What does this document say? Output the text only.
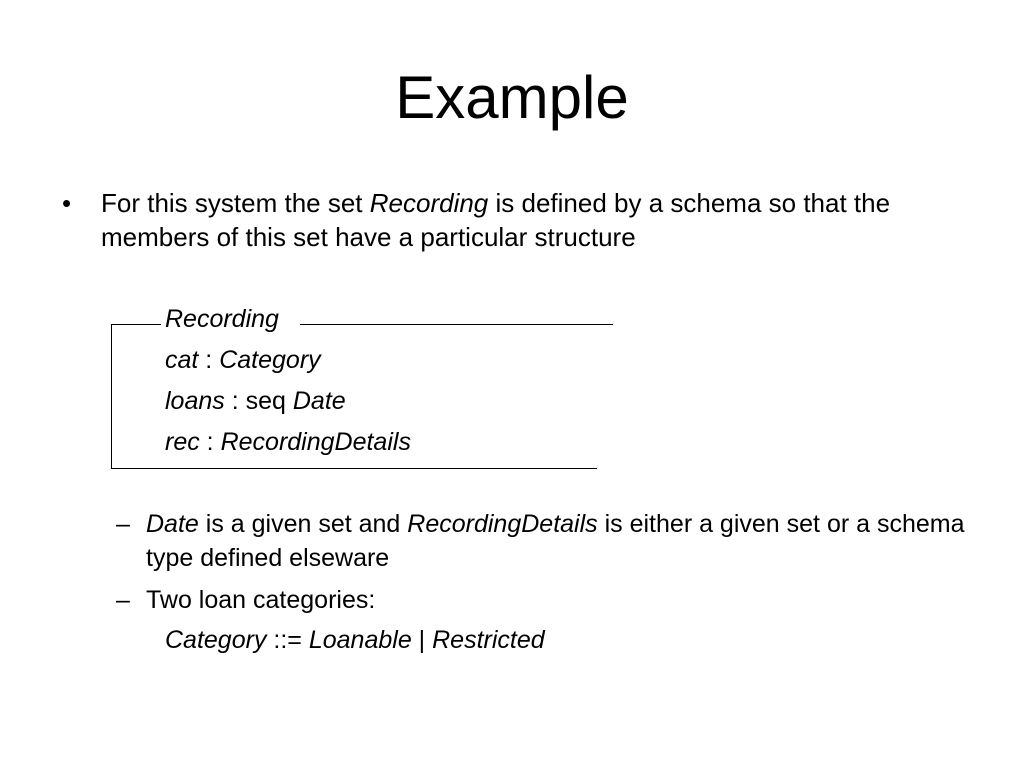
Example
• For this system the set Recording is defined by a schema so that the members of this set have a particular structure
Recording
cat : Category
loans : seq Date
rec : RecordingDetails
– Date is a given set and RecordingDetails is either a given set or a schema type defined elseware
– Two loan categories:
Category ::= Loanable | Restricted
